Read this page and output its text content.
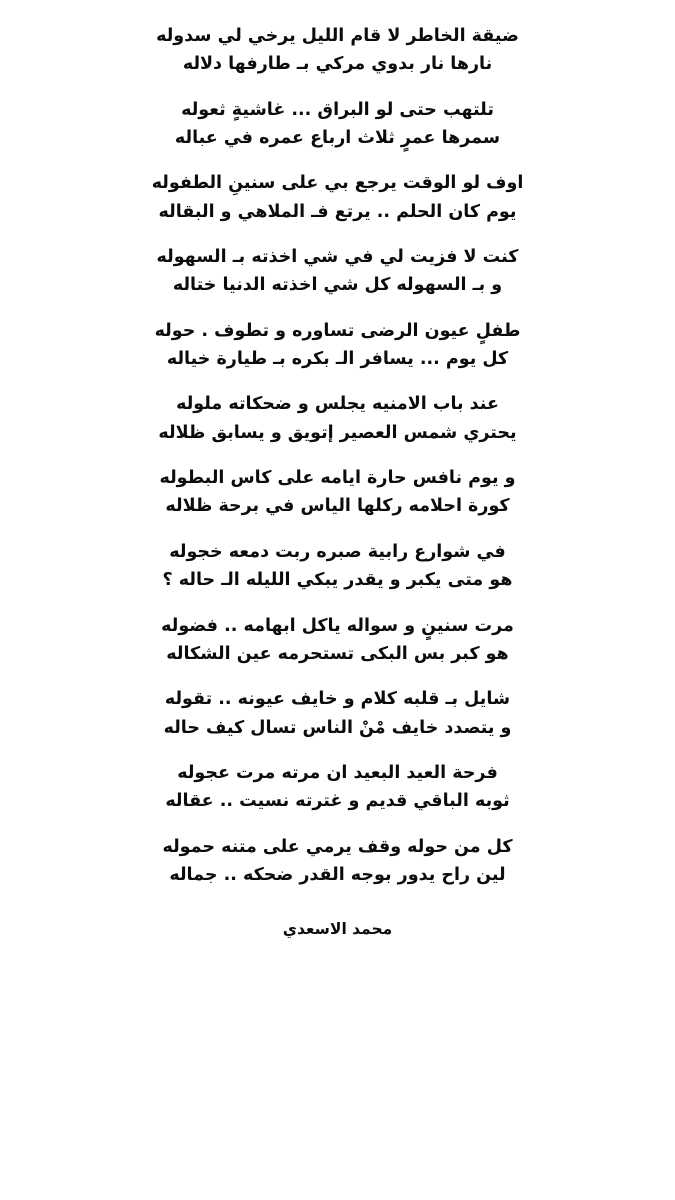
ضيقة الخاطر لا قام الليل يرخي لي سدوله
نارها نار بدوي مركي بـ طارفها دلاله
تلتهب حتى لو البراق ... غاشيةٍ ثعوله
سمرها عمرٍ ثلاث ارباع عمره في عباله
اوف لو الوقت يرجع بي على سنينِ الطفوله
يوم كان الحلم .. يرتع فـ الملاهي و البقاله
كنت لا فزيت لي في شي اخذته بـ السهوله
و بـ السهوله كل شي اخذته الدنيا ختاله
طفلٍ عيون الرضى تساوره و تطوف . حوله
كل يوم ... يسافر الـ بكره بـ طيارة خياله
عند باب الامنيه يجلس و ضحكاته ملوله
يحتري شمس العصير إتويق و يسابق ظلاله
و يوم نافس حارة ايامه على كاس البطوله
كورة احلامه ركلها الياس في برحة ظلاله
في شوارع رابية صبره ربت دمعه خجوله
هو متى يكبر و يقدر يبكي الليله الـ حاله ؟
مرت سنينٍ و سواله ياكل ابهامه .. فضوله
هو كبر بس البكى تستحرمه عين الشكاله
شايل بـ قلبه كلام و خايف عيونه .. تقوله
و يتصدد خايف مْنْ الناس تسال كيف حاله
فرحة العيد البعيد ان مرته مرت عجوله
ثوبه الباقي قديم و غترته نسيت .. عقاله
كل من حوله وقف يرمي على متنه حموله
لين راح يدور بوجه القدر ضحكه .. جماله
محمد الاسعدي
